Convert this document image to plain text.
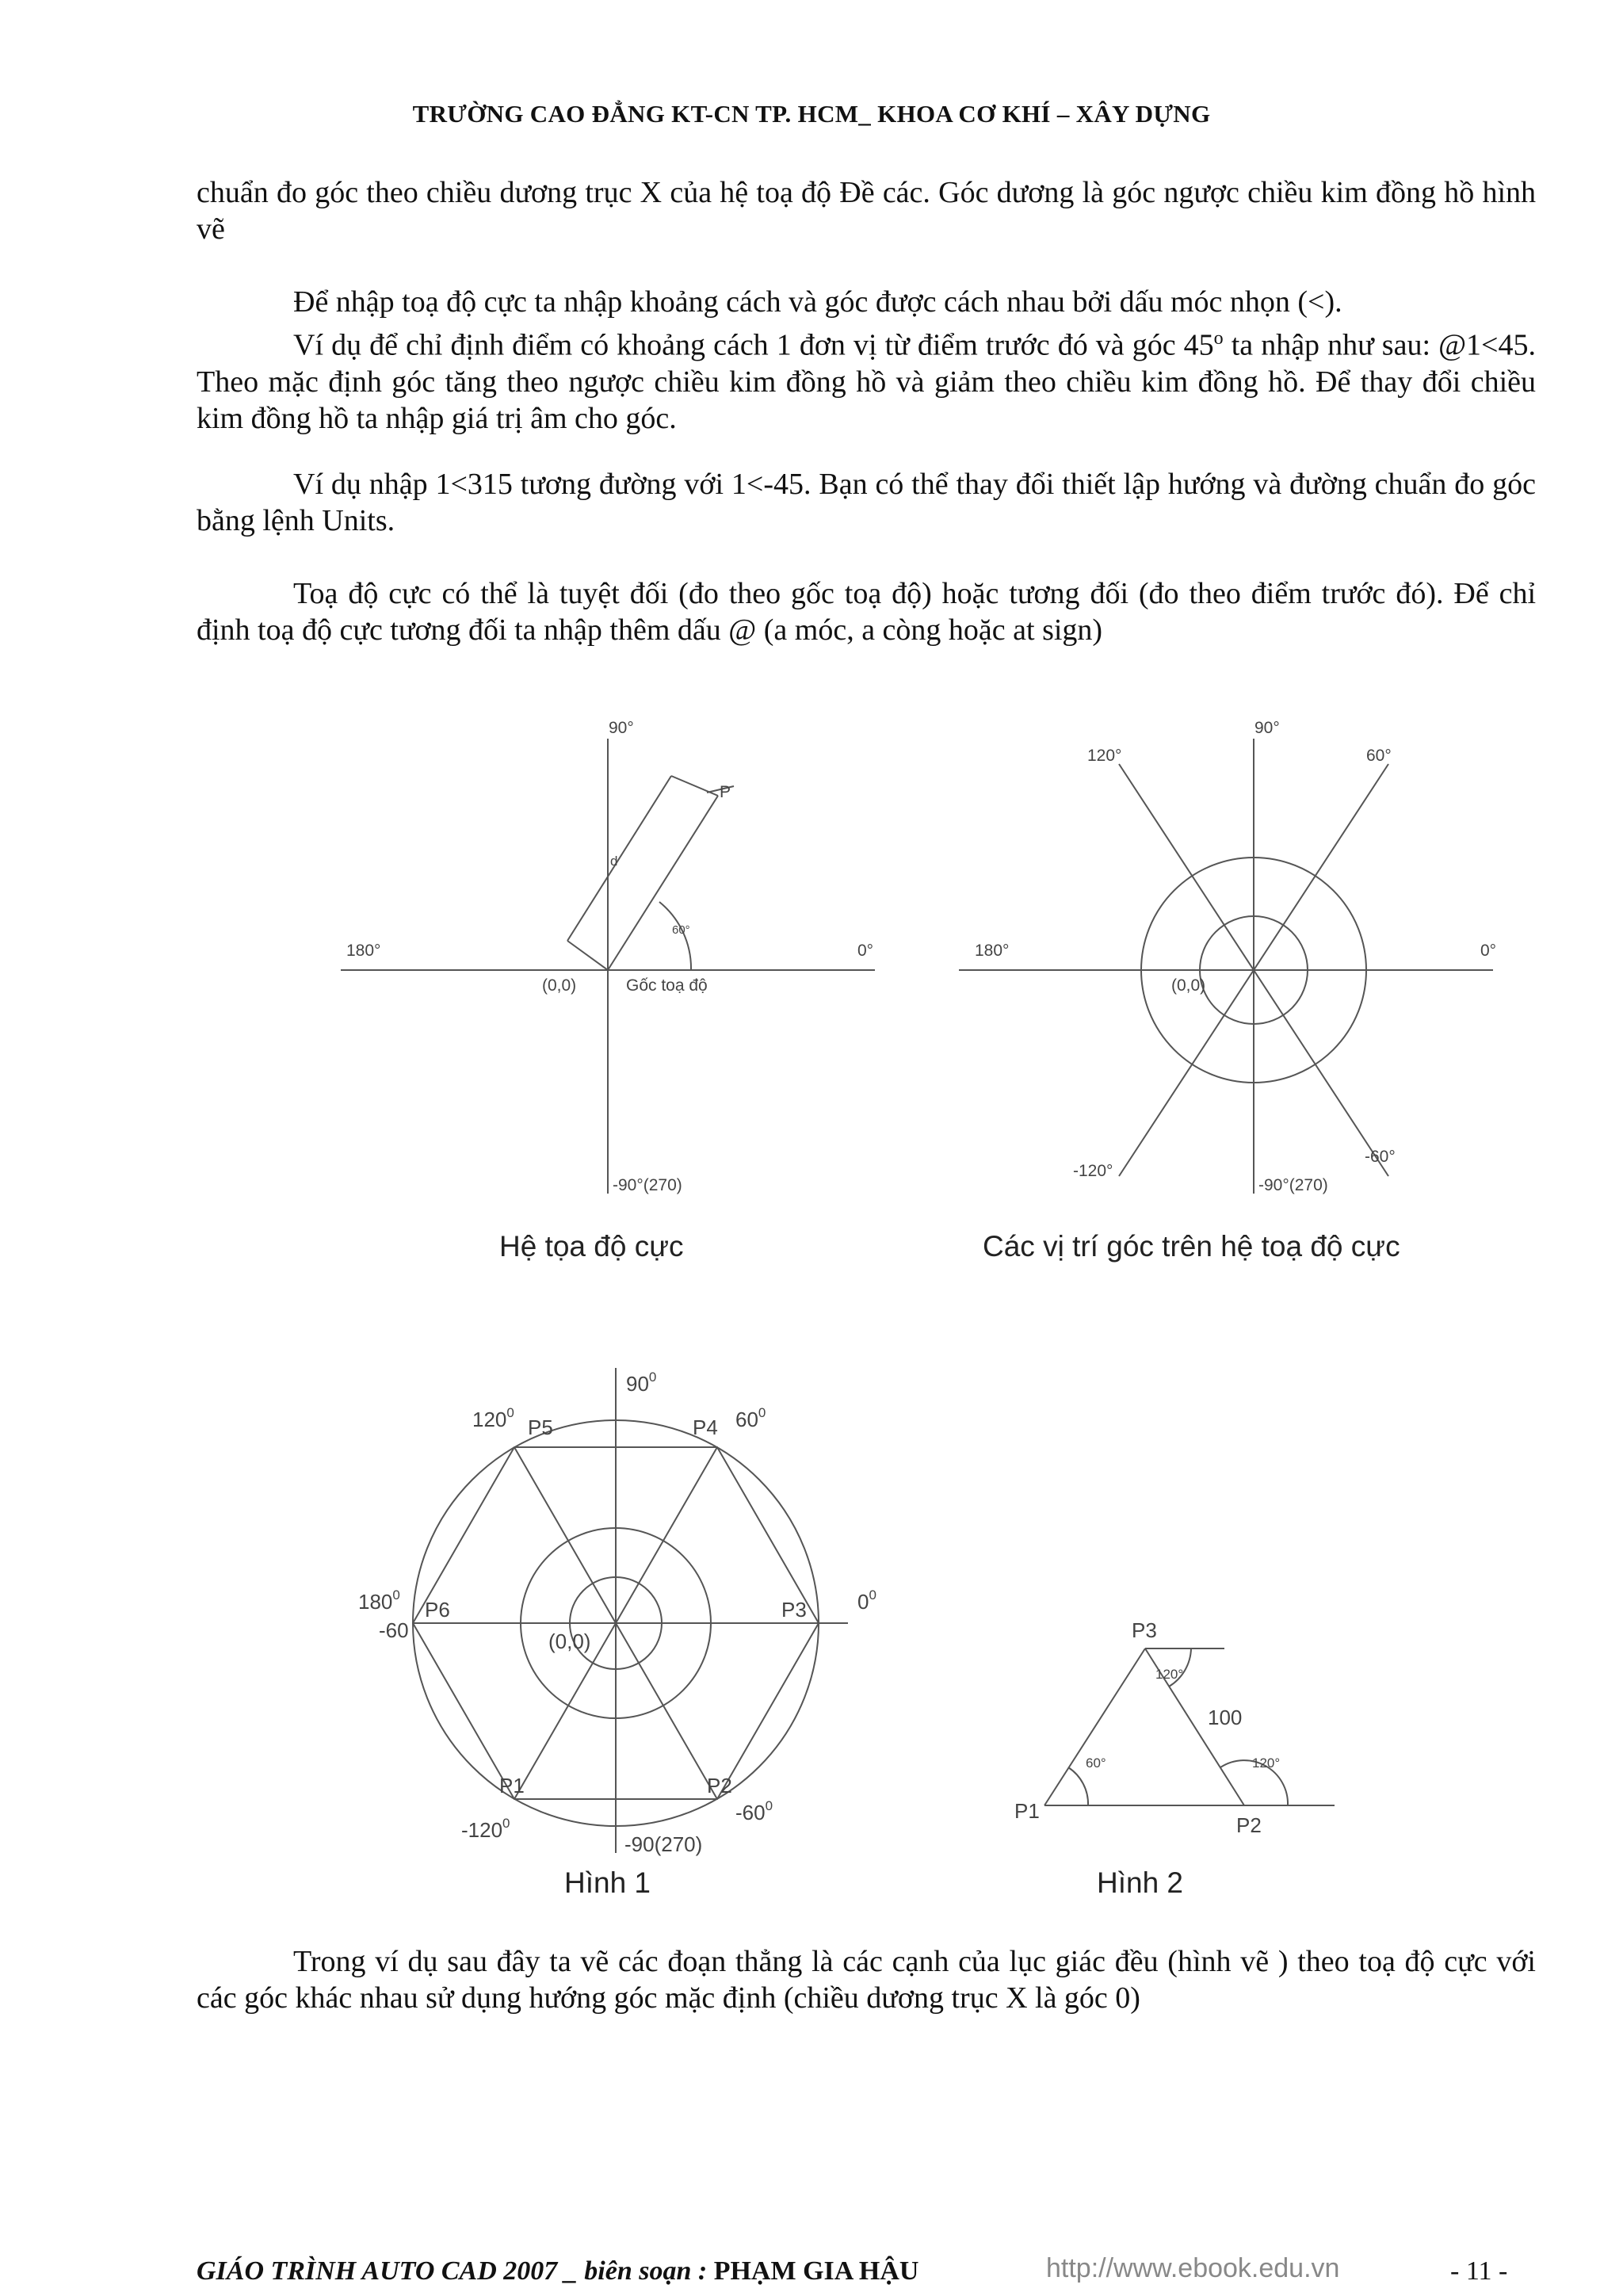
TRƯỜNG CAO ĐẲNG KT-CN TP. HCM_ KHOA CƠ KHÍ – XÂY DỰNG

chuẩn đo góc theo chiều dương trục X của hệ toạ độ Đề các. Góc dương là góc ngược chiều kim đồng hồ hình vẽ

Để nhập toạ độ cực ta nhập khoảng cách và góc được cách nhau bởi dấu móc nhọn (<).

Ví dụ để chỉ định điểm có khoảng cách 1 đơn vị từ điểm trước đó và góc 45$^o$ ta nhập như sau: @1<45. Theo mặc định góc tăng theo ngược chiều kim đồng hồ và giảm theo chiều kim đồng hồ. Để thay đổi chiều kim đồng hồ ta nhập giá trị âm cho góc.

Ví dụ nhập 1<315 tương đường với 1<-45. Bạn có thể thay đổi thiết lập hướng và đường chuẩn đo góc bằng lệnh Units.

Toạ độ cực có thể là tuyệt đối (đo theo gốc toạ độ) hoặc tương đối (đo theo điểm trước đó). Để chỉ định toạ độ cực tương đối ta nhập thêm dấu @ (a móc, a còng hoặc at sign)

90°
180°	0°
(0,0)	Gốc toạ độ
-90°(270)
P
d
60°
Hệ tọa độ cực
90°
120°	60°
180°	0°
(0,0)
-120°
-90°(270)
-60°
Các vị trí góc trên hệ toạ độ cực
$90^0$
$120^0$	$60^0$
$180^0$
-60
$0^0$
(0,0)
$-120^0$
-90(270)
$-60^0$
P5	P4
P6	P3
P1	P2
Hình 1
P3
P1
P2
100
60°
120°
120°
Hình 2

Trong ví dụ sau đây ta vẽ các đoạn thẳng là các cạnh của lục giác đều (hình vẽ ) theo toạ độ cực với các góc khác nhau sử dụng hướng góc mặc định (chiều dương trục X là góc 0)

GIÁO TRÌNH AUTO CAD 2007 _ biên soạn : PHẠM GIA HẬU	http://www.ebook.edu.vn	- 11 -
